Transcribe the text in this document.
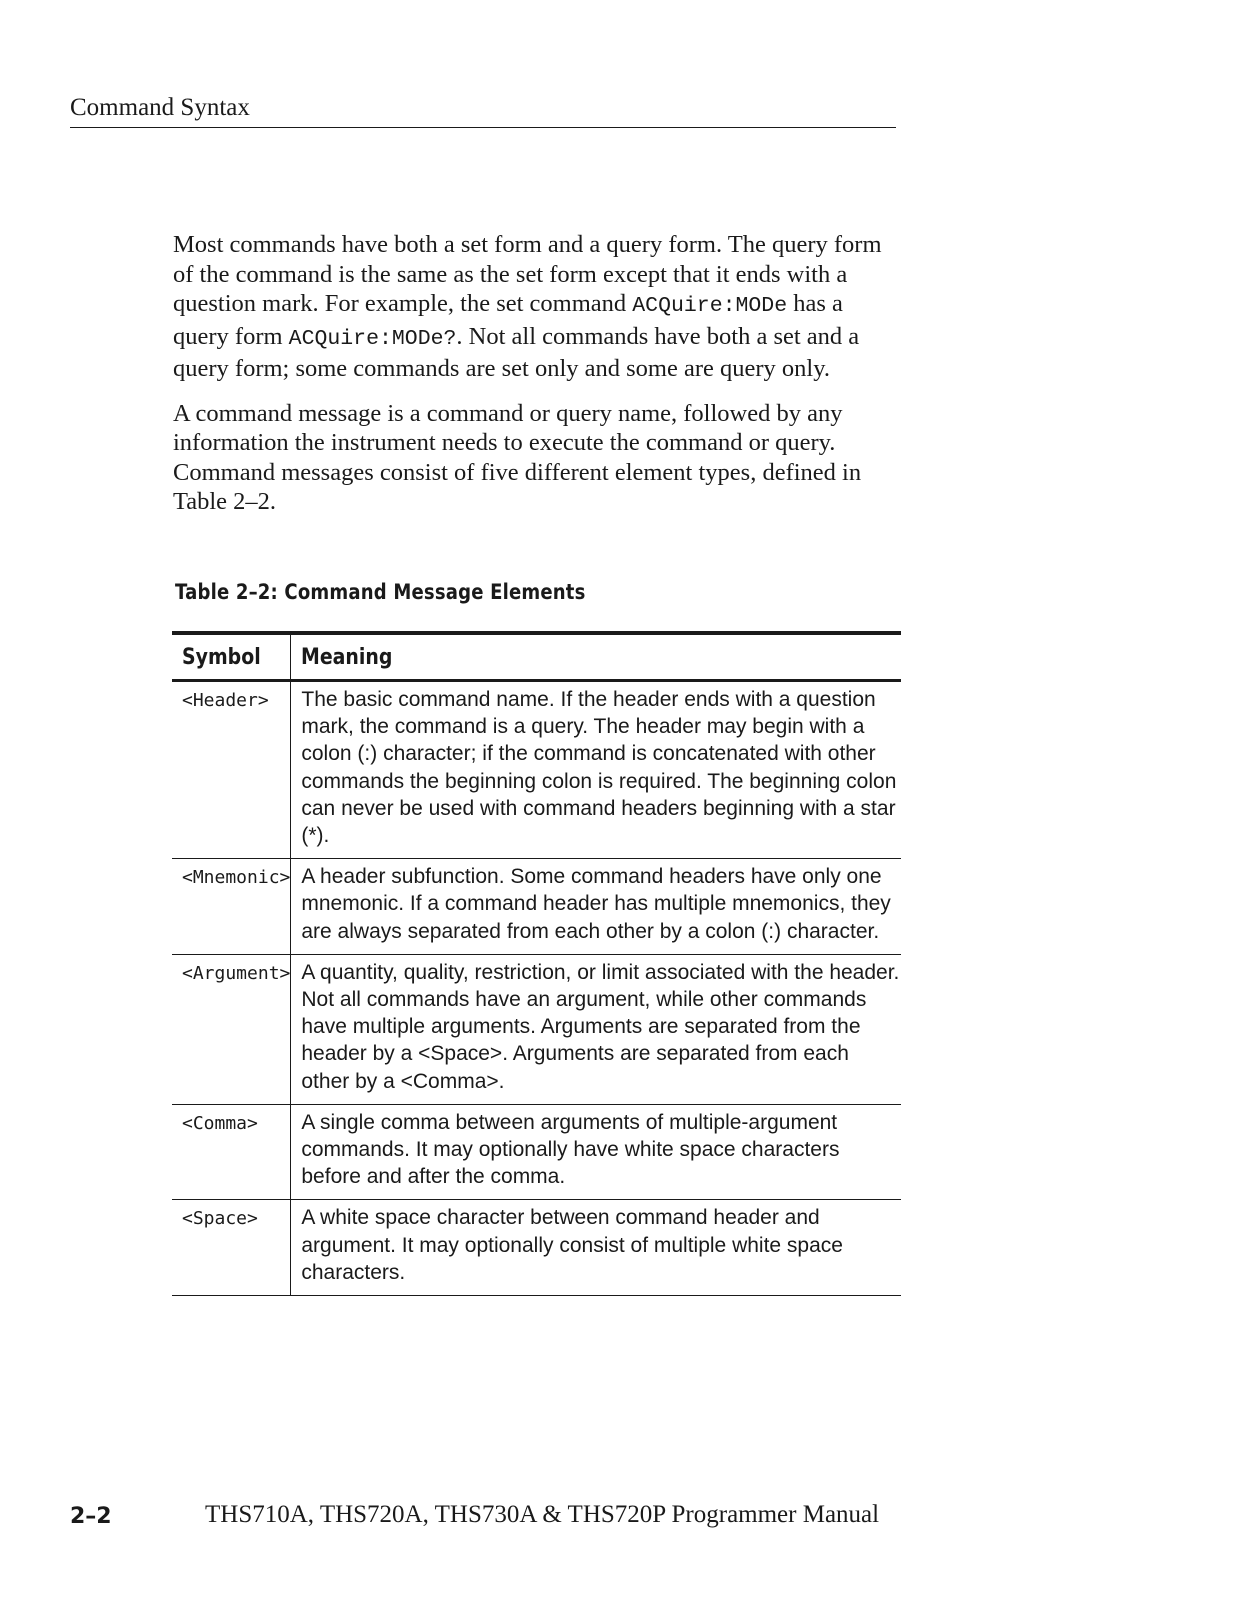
Command Syntax

Most commands have both a set form and a query form. The query form of the command is the same as the set form except that it ends with a question mark. For example, the set command ACQuire:MODe has a query form ACQuire:MODe?. Not all commands have both a set and a query form; some commands are set only and some are query only.

A command message is a command or query name, followed by any information the instrument needs to execute the command or query. Command messages consist of five different element types, defined in Table 2–2.

Table 2–2: Command Message Elements
Symbol	Meaning
<Header>	The basic command name. If the header ends with a question mark, the command is a query. The header may begin with a colon (:) character; if the command is concatenated with other commands the beginning colon is required. The beginning colon can never be used with command headers beginning with a star (*).

<Mnemonic>	A header subfunction. Some command headers have only one mnemonic. If a command header has multiple mnemonics, they are always separated from each other by a colon (:) character.

<Argument>	A quantity, quality, restriction, or limit associated with the header. Not all commands have an argument, while other commands have multiple arguments. Arguments are separated from the header by a <Space>. Arguments are separated from each other by a <Comma>.

<Comma>	A single comma between arguments of multiple-argument commands. It may optionally have white space characters before and after the comma.

<Space>	A white space character between command header and argument. It may optionally consist of multiple white space characters.
2–2	THS710A, THS720A, THS730A & THS720P Programmer Manual
